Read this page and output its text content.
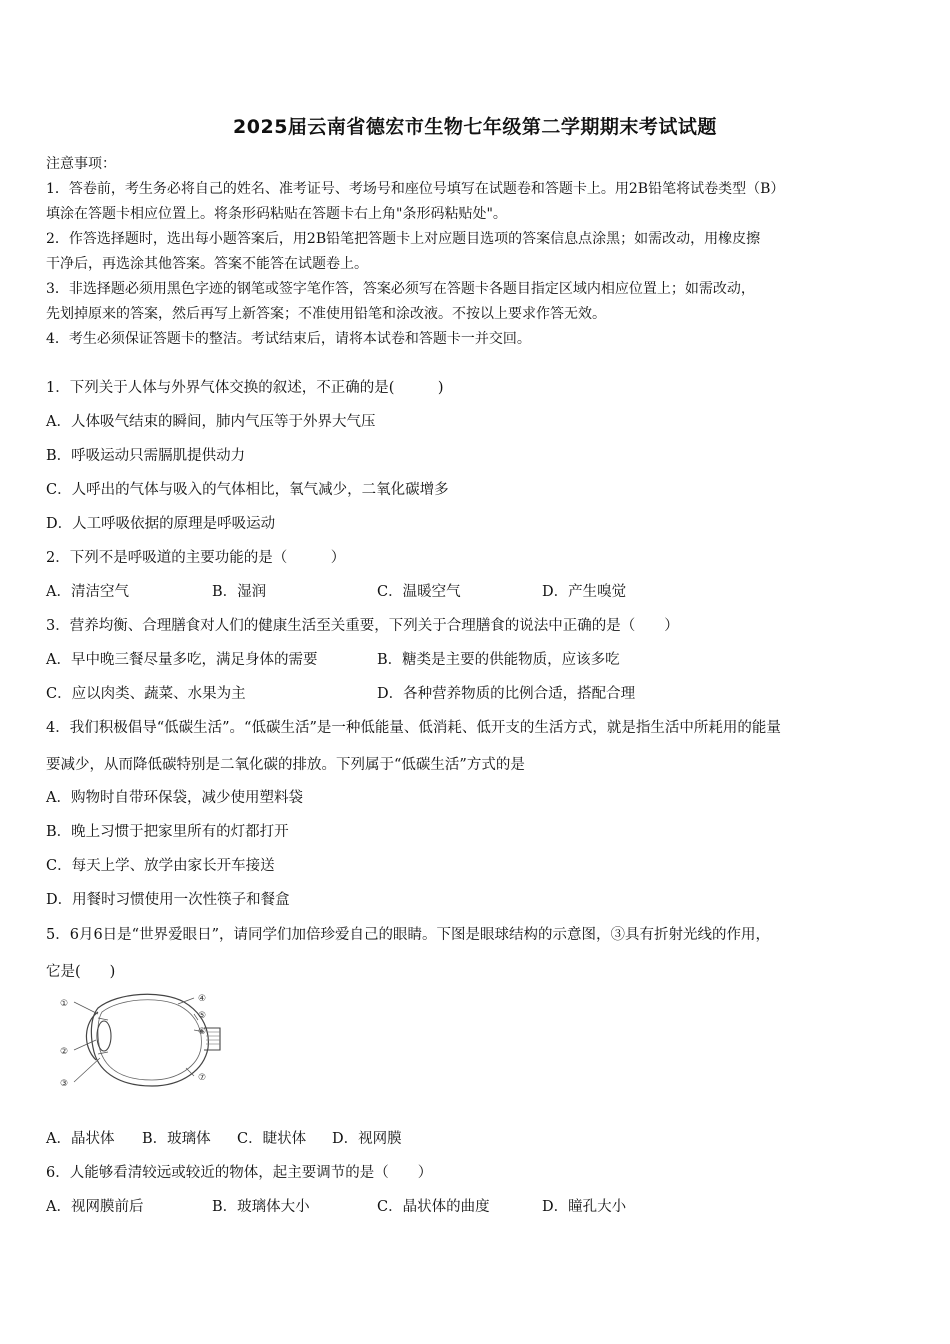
2025届云南省德宏市生物七年级第二学期期末考试试题
注意事项：
1．答卷前，考生务必将自己的姓名、准考证号、考场号和座位号填写在试题卷和答题卡上。用2B铅笔将试卷类型（B）
填涂在答题卡相应位置上。将条形码粘贴在答题卡右上角"条形码粘贴处"。
2．作答选择题时，选出每小题答案后，用2B铅笔把答题卡上对应题目选项的答案信息点涂黑；如需改动，用橡皮擦
干净后，再选涂其他答案。答案不能答在试题卷上。
3．非选择题必须用黑色字迹的钢笔或签字笔作答，答案必须写在答题卡各题目指定区域内相应位置上；如需改动，
先划掉原来的答案，然后再写上新答案；不准使用铅笔和涂改液。不按以上要求作答无效。
4．考生必须保证答题卡的整洁。考试结束后，请将本试卷和答题卡一并交回。
1．下列关于人体与外界气体交换的叙述，不正确的是(　　　)
A．人体吸气结束的瞬间，肺内气压等于外界大气压
B．呼吸运动只需膈肌提供动力
C．人呼出的气体与吸入的气体相比，氧气减少，二氧化碳增多
D．人工呼吸依据的原理是呼吸运动
2．下列不是呼吸道的主要功能的是（　　　）
A．清洁空气	B．湿润	C．温暖空气	D．产生嗅觉
3．营养均衡、合理膳食对人们的健康生活至关重要，下列关于合理膳食的说法中正确的是（　　）
A．早中晚三餐尽量多吃，满足身体的需要	B．糖类是主要的供能物质，应该多吃
C．应以肉类、蔬菜、水果为主	D．各种营养物质的比例合适，搭配合理
4．我们积极倡导“低碳生活”。“低碳生活”是一种低能量、低消耗、低开支的生活方式，就是指生活中所耗用的能量
要减少，从而降低碳特别是二氧化碳的排放。下列属于“低碳生活”方式的是
A．购物时自带环保袋，减少使用塑料袋
B．晚上习惯于把家里所有的灯都打开
C．每天上学、放学由家长开车接送
D．用餐时习惯使用一次性筷子和餐盒
5．6月6日是“世界爱眼日”，请同学们加倍珍爱自己的眼睛。下图是眼球结构的示意图，③具有折射光线的作用，
它是(　　)
①
②
③
④
⑤
⑥
⑦
A．晶状体 B．玻璃体 C．睫状体 D．视网膜
6．人能够看清较远或较近的物体，起主要调节的是（　　）
A．视网膜前后	B．玻璃体大小	C．晶状体的曲度	D．瞳孔大小
